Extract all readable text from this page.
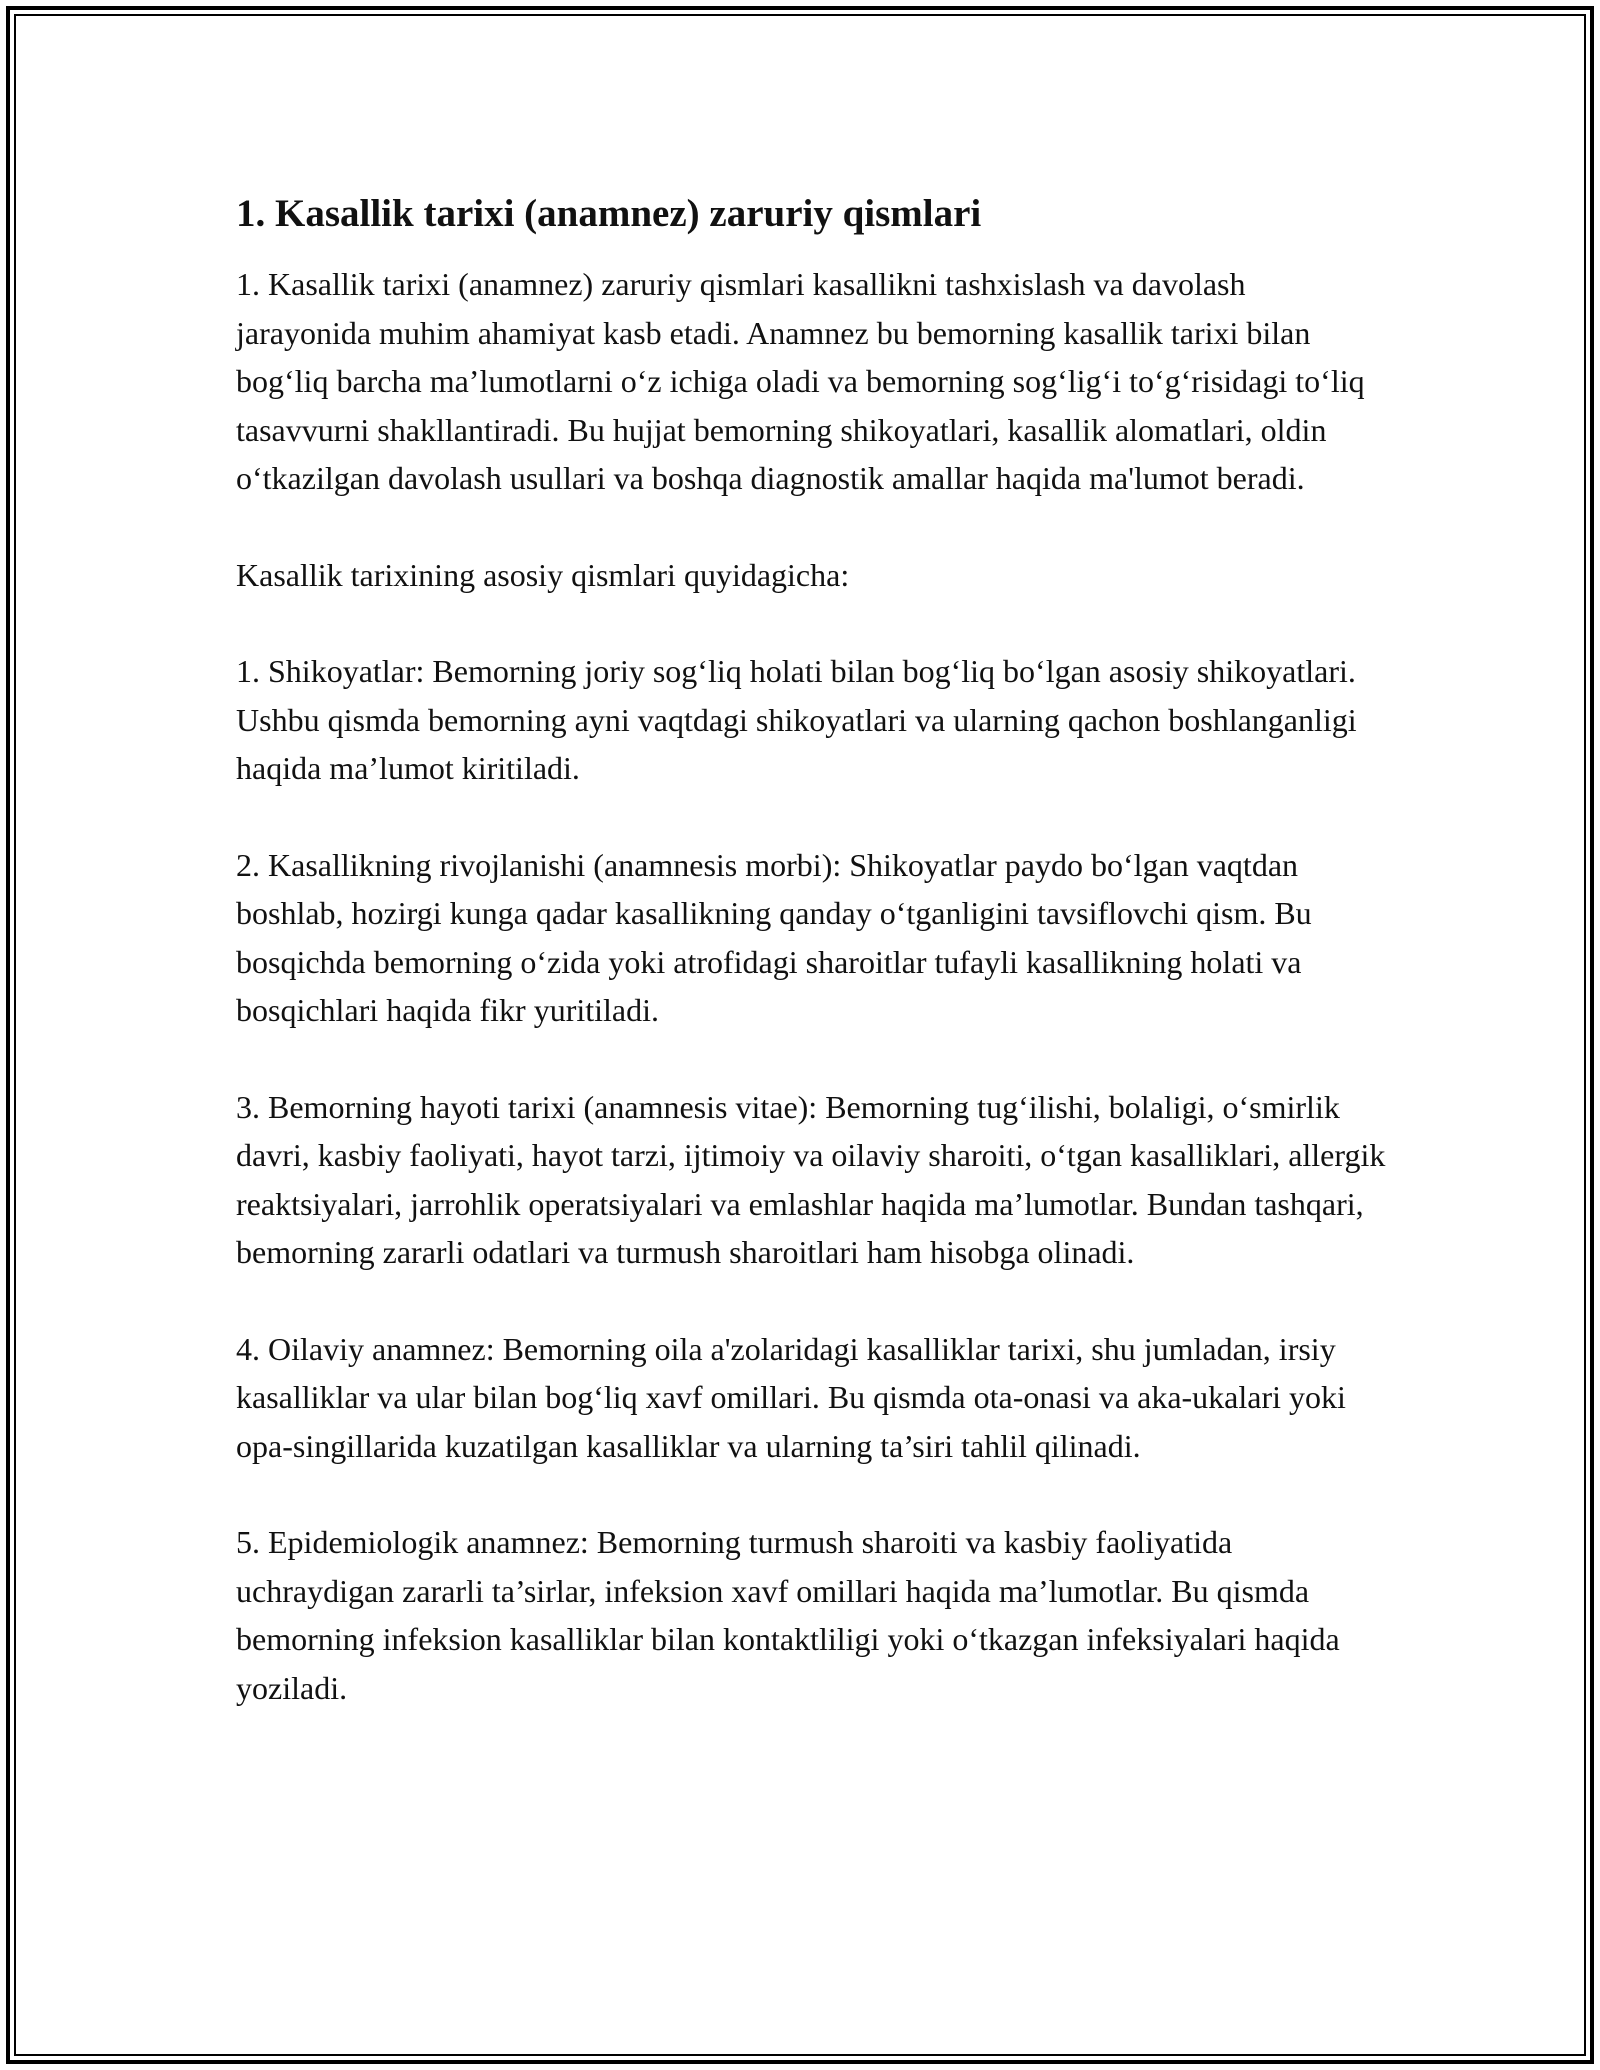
1. Kasallik tarixi (anamnez) zaruriy qismlari

1. Kasallik tarixi (anamnez) zaruriy qismlari kasallikni tashxislash va davolash jarayonida muhim ahamiyat kasb etadi. Anamnez bu bemorning kasallik tarixi bilan bog‘liq barcha ma’lumotlarni o‘z ichiga oladi va bemorning sog‘lig‘i to‘g‘risidagi to‘liq tasavvurni shakllantiradi. Bu hujjat bemorning shikoyatlari, kasallik alomatlari, oldin o‘tkazilgan davolash usullari va boshqa diagnostik amallar haqida ma'lumot beradi.

Kasallik tarixining asosiy qismlari quyidagicha:

1. Shikoyatlar: Bemorning joriy sog‘liq holati bilan bog‘liq bo‘lgan asosiy shikoyatlari. Ushbu qismda bemorning ayni vaqtdagi shikoyatlari va ularning qachon boshlanganligi haqida ma’lumot kiritiladi.

2. Kasallikning rivojlanishi (anamnesis morbi): Shikoyatlar paydo bo‘lgan vaqtdan boshlab, hozirgi kunga qadar kasallikning qanday o‘tganligini tavsiflovchi qism. Bu bosqichda bemorning o‘zida yoki atrofidagi sharoitlar tufayli kasallikning holati va bosqichlari haqida fikr yuritiladi.

3. Bemorning hayoti tarixi (anamnesis vitae): Bemorning tug‘ilishi, bolaligi, o‘smirlik davri, kasbiy faoliyati, hayot tarzi, ijtimoiy va oilaviy sharoiti, o‘tgan kasalliklari, allergik reaktsiyalari, jarrohlik operatsiyalari va emlashlar haqida ma’lumotlar. Bundan tashqari, bemorning zararli odatlari va turmush sharoitlari ham hisobga olinadi.

4. Oilaviy anamnez: Bemorning oila a'zolaridagi kasalliklar tarixi, shu jumladan, irsiy kasalliklar va ular bilan bog‘liq xavf omillari. Bu qismda ota-onasi va aka-ukalari yoki opa-singillarida kuzatilgan kasalliklar va ularning ta’siri tahlil qilinadi.

5. Epidemiologik anamnez: Bemorning turmush sharoiti va kasbiy faoliyatida uchraydigan zararli ta’sirlar, infeksion xavf omillari haqida ma’lumotlar. Bu qismda bemorning infeksion kasalliklar bilan kontaktliligi yoki o‘tkazgan infeksiyalari haqida yoziladi.
